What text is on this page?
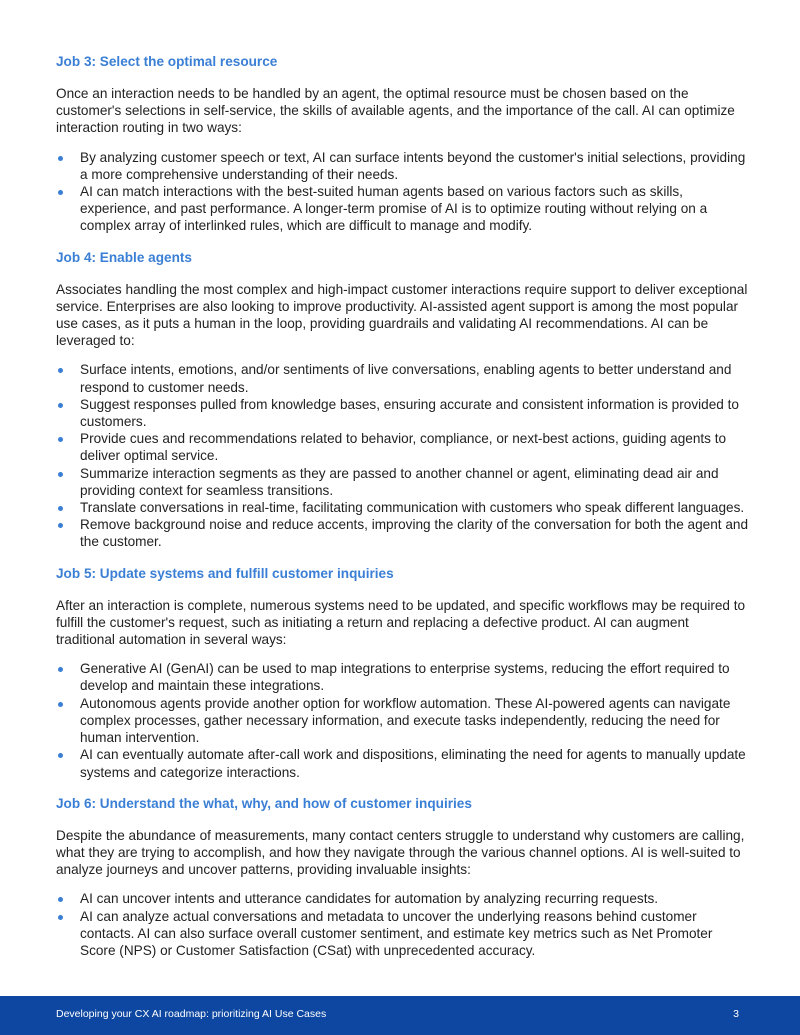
Job 3: Select the optimal resource

Once an interaction needs to be handled by an agent, the optimal resource must be chosen based on the customer's selections in self-service, the skills of available agents, and the importance of the call. AI can optimize interaction routing in two ways:

By analyzing customer speech or text, AI can surface intents beyond the customer's initial selections, providing a more comprehensive understanding of their needs.
AI can match interactions with the best-suited human agents based on various factors such as skills, experience, and past performance. A longer-term promise of AI is to optimize routing without relying on a complex array of interlinked rules, which are difficult to manage and modify.
Job 4: Enable agents

Associates handling the most complex and high-impact customer interactions require support to deliver exceptional service. Enterprises are also looking to improve productivity. AI-assisted agent support is among the most popular use cases, as it puts a human in the loop, providing guardrails and validating AI recommendations. AI can be leveraged to:

Surface intents, emotions, and/or sentiments of live conversations, enabling agents to better understand and respond to customer needs.
Suggest responses pulled from knowledge bases, ensuring accurate and consistent information is provided to customers.
Provide cues and recommendations related to behavior, compliance, or next-best actions, guiding agents to deliver optimal service.
Summarize interaction segments as they are passed to another channel or agent, eliminating dead air and providing context for seamless transitions.
Translate conversations in real-time, facilitating communication with customers who speak different languages.
Remove background noise and reduce accents, improving the clarity of the conversation for both the agent and the customer.
Job 5: Update systems and fulfill customer inquiries

After an interaction is complete, numerous systems need to be updated, and specific workflows may be required to fulfill the customer's request, such as initiating a return and replacing a defective product. AI can augment traditional automation in several ways:

Generative AI (GenAI) can be used to map integrations to enterprise systems, reducing the effort required to develop and maintain these integrations.
Autonomous agents provide another option for workflow automation. These AI-powered agents can navigate complex processes, gather necessary information, and execute tasks independently, reducing the need for human intervention.
AI can eventually automate after-call work and dispositions, eliminating the need for agents to manually update systems and categorize interactions.
Job 6: Understand the what, why, and how of customer inquiries

Despite the abundance of measurements, many contact centers struggle to understand why customers are calling, what they are trying to accomplish, and how they navigate through the various channel options. AI is well-suited to analyze journeys and uncover patterns, providing invaluable insights:

AI can uncover intents and utterance candidates for automation by analyzing recurring requests.
AI can analyze actual conversations and metadata to uncover the underlying reasons behind customer contacts. AI can also surface overall customer sentiment, and estimate key metrics such as Net Promoter Score (NPS) or Customer Satisfaction (CSat) with unprecedented accuracy.
Developing your CX AI roadmap: prioritizing AI Use Cases	3
